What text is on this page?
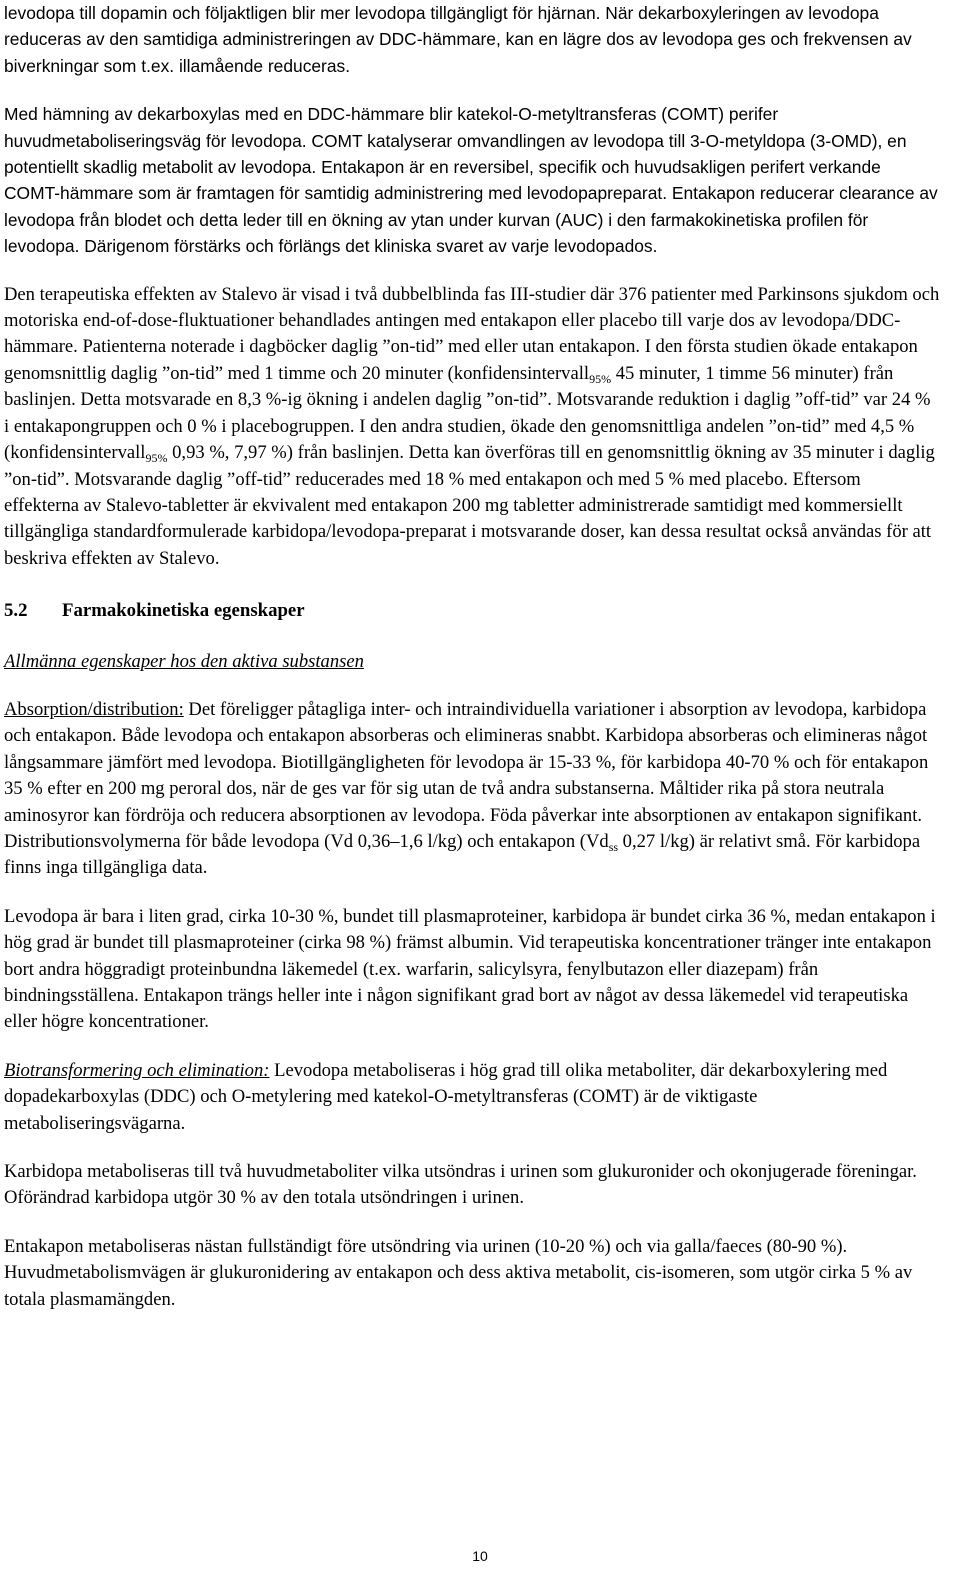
levodopa till dopamin och följaktligen blir mer levodopa tillgängligt för hjärnan. När dekarboxyleringen av levodopa reduceras av den samtidiga administreringen av DDC-hämmare, kan en lägre dos av levodopa ges och frekvensen av biverkningar som t.ex. illamående reduceras.

Med hämning av dekarboxylas med en DDC-hämmare blir katekol-O-metyltransferas (COMT) perifer huvudmetaboliseringsväg för levodopa. COMT katalyserar omvandlingen av levodopa till 3-O-metyldopa (3-OMD), en potentiellt skadlig metabolit av levodopa. Entakapon är en reversibel, specifik och huvudsakligen perifert verkande COMT-hämmare som är framtagen för samtidig administrering med levodopapreparat. Entakapon reducerar clearance av levodopa från blodet och detta leder till en ökning av ytan under kurvan (AUC) i den farmakokinetiska profilen för levodopa. Därigenom förstärks och förlängs det kliniska svaret av varje levodopados.

Den terapeutiska effekten av Stalevo är visad i två dubbelblinda fas III-studier där 376 patienter med Parkinsons sjukdom och motoriska end-of-dose-fluktuationer behandlades antingen med entakapon eller placebo till varje dos av levodopa/DDC-hämmare. Patienterna noterade i dagböcker daglig ”on-tid” med eller utan entakapon. I den första studien ökade entakapon genomsnittlig daglig ”on-tid” med 1 timme och 20 minuter (konfidensintervall$_{95\%}$ 45 minuter, 1 timme 56 minuter) från baslinjen. Detta motsvarade en 8,3 %-ig ökning i andelen daglig ”on-tid”. Motsvarande reduktion i daglig ”off-tid” var 24 % i entakapongruppen och 0 % i placebogruppen. I den andra studien, ökade den genomsnittliga andelen ”on-tid” med 4,5 % (konfidensintervall$_{95\%}$ 0,93 %, 7,97 %) från baslinjen. Detta kan överföras till en genomsnittlig ökning av 35 minuter i daglig ”on-tid”. Motsvarande daglig ”off-tid” reducerades med 18 % med entakapon och med 5 % med placebo. Eftersom effekterna av Stalevo-tabletter är ekvivalent med entakapon 200 mg tabletter administrerade samtidigt med kommersiellt tillgängliga standardformulerade karbidopa/levodopa-preparat i motsvarande doser, kan dessa resultat också användas för att beskriva effekten av Stalevo.

5.2 Farmakokinetiska egenskaper

Allmänna egenskaper hos den aktiva substansen

Absorption/distribution: Det föreligger påtagliga inter- och intraindividuella variationer i absorption av levodopa, karbidopa och entakapon. Både levodopa och entakapon absorberas och elimineras snabbt. Karbidopa absorberas och elimineras något långsammare jämfört med levodopa. Biotillgängligheten för levodopa är 15-33 %, för karbidopa 40-70 % och för entakapon 35 % efter en 200 mg peroral dos, när de ges var för sig utan de två andra substanserna. Måltider rika på stora neutrala aminosyror kan fördröja och reducera absorptionen av levodopa. Föda påverkar inte absorptionen av entakapon signifikant. Distributionsvolymerna för både levodopa (Vd 0,36–1,6 l/kg) och entakapon ($Vd_{ss}$ 0,27 l/kg) är relativt små. För karbidopa finns inga tillgängliga data.

Levodopa är bara i liten grad, cirka 10-30 %, bundet till plasmaproteiner, karbidopa är bundet cirka 36 %, medan entakapon i hög grad är bundet till plasmaproteiner (cirka 98 %) främst albumin. Vid terapeutiska koncentrationer tränger inte entakapon bort andra höggradigt proteinbundna läkemedel (t.ex. warfarin, salicylsyra, fenylbutazon eller diazepam) från bindningsställena. Entakapon trängs heller inte i någon signifikant grad bort av något av dessa läkemedel vid terapeutiska eller högre koncentrationer.

Biotransformering och elimination: Levodopa metaboliseras i hög grad till olika metaboliter, där dekarboxylering med dopadekarboxylas (DDC) och O-metylering med katekol-O-metyltransferas (COMT) är de viktigaste metaboliseringsvägarna.

Karbidopa metaboliseras till två huvudmetaboliter vilka utsöndras i urinen som glukuronider och okonjugerade föreningar. Oförändrad karbidopa utgör 30 % av den totala utsöndringen i urinen.

Entakapon metaboliseras nästan fullständigt före utsöndring via urinen (10-20 %) och via galla/faeces (80-90 %). Huvudmetabolismvägen är glukuronidering av entakapon och dess aktiva metabolit, cis-isomeren, som utgör cirka 5 % av totala plasmamängden.

10
